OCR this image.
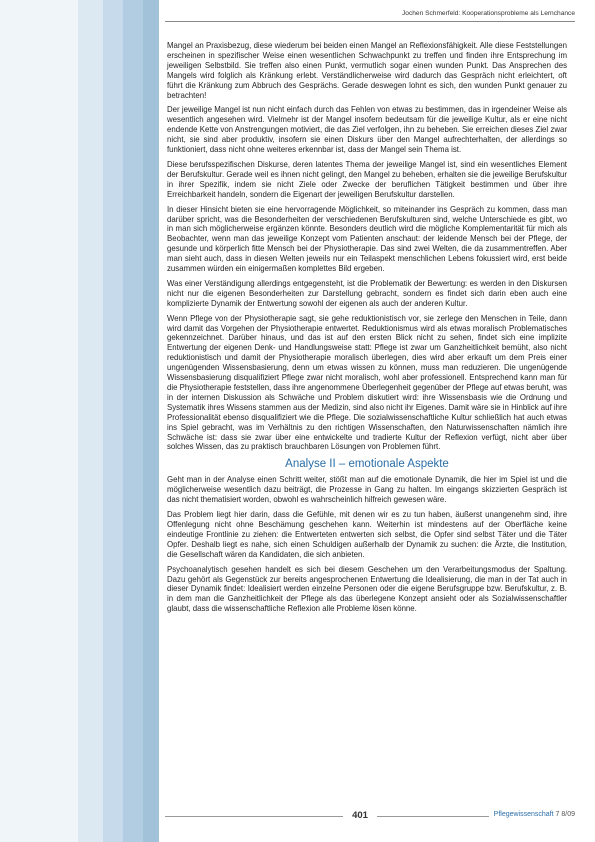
Jochen Schmerfeld: Kooperationsprobleme als Lernchance

Mangel an Praxisbezug, diese wiederum bei beiden einen Mangel an Reflexionsfähigkeit. Alle diese Feststellungen erscheinen in spezifischer Weise einen wesentlichen Schwachpunkt zu treffen und finden ihre Entsprechung im jeweiligen Selbstbild. Sie treffen also einen Punkt, vermutlich sogar einen wunden Punkt. Das Ansprechen des Mangels wird folglich als Kränkung erlebt. Verständlicherweise wird dadurch das Gespräch nicht erleichtert, oft führt die Kränkung zum Abbruch des Gesprächs. Gerade deswegen lohnt es sich, den wunden Punkt genauer zu betrachten!

Der jeweilige Mangel ist nun nicht einfach durch das Fehlen von etwas zu bestimmen, das in irgendeiner Weise als wesentlich angesehen wird. Vielmehr ist der Mangel insofern bedeutsam für die jeweilige Kultur, als er eine nicht endende Kette von Anstrengungen motiviert, die das Ziel verfolgen, ihn zu beheben. Sie erreichen dieses Ziel zwar nicht, sie sind aber produktiv, insofern sie einen Diskurs über den Mangel aufrechterhalten, der allerdings so funktioniert, dass nicht ohne weiteres erkennbar ist, dass der Mangel sein Thema ist.

Diese berufsspezifischen Diskurse, deren latentes Thema der jeweilige Mangel ist, sind ein wesentliches Element der Berufskultur. Gerade weil es ihnen nicht gelingt, den Mangel zu beheben, erhalten sie die jeweilige Berufskultur in ihrer Spezifik, indem sie nicht Ziele oder Zwecke der beruflichen Tätigkeit bestimmen und über ihre Erreichbarkeit handeln, sondern die Eigenart der jeweiligen Berufskultur darstellen.

In dieser Hinsicht bieten sie eine hervorragende Möglichkeit, so miteinander ins Gespräch zu kommen, dass man darüber spricht, was die Besonderheiten der verschiedenen Berufskulturen sind, welche Unterschiede es gibt, wo in man sich möglicherweise ergänzen könnte. Besonders deutlich wird die mögliche Komplementarität für mich als Beobachter, wenn man das jeweilige Konzept vom Patienten anschaut: der leidende Mensch bei der Pflege, der gesunde und körperlich fitte Mensch bei der Physiotherapie. Das sind zwei Welten, die da zusammentreffen. Aber man sieht auch, dass in diesen Welten jeweils nur ein Teilaspekt menschlichen Lebens fokussiert wird, erst beide zusammen würden ein einigermaßen komplettes Bild ergeben.

Was einer Verständigung allerdings entgegensteht, ist die Problematik der Bewertung: es werden in den Diskursen nicht nur die eigenen Besonderheiten zur Darstellung gebracht, sondern es findet sich darin eben auch eine komplizierte Dynamik der Entwertung sowohl der eigenen als auch der anderen Kultur.

Wenn Pflege von der Physiotherapie sagt, sie gehe reduktionistisch vor, sie zerlege den Menschen in Teile, dann wird damit das Vorgehen der Physiotherapie entwertet. Reduktionismus wird als etwas moralisch Problematisches gekennzeichnet. Darüber hinaus, und das ist auf den ersten Blick nicht zu sehen, findet sich eine implizite Entwertung der eigenen Denk- und Handlungsweise statt: Pflege ist zwar um Ganzheitlichkeit bemüht, also nicht reduktionistisch und damit der Physiotherapie moralisch überlegen, dies wird aber erkauft um dem Preis einer ungenügenden Wissensbasierung, denn um etwas wissen zu können, muss man reduzieren. Die ungenügende Wissensbasierung disqualifiziert Pflege zwar nicht moralisch, wohl aber professionell. Entsprechend kann man für die Physiotherapie feststellen, dass ihre angenommene Überlegenheit gegenüber der Pflege auf etwas beruht, was in der internen Diskussion als Schwäche und Problem diskutiert wird: ihre Wissensbasis wie die Ordnung und Systematik ihres Wissens stammen aus der Medizin, sind also nicht ihr Eigenes. Damit wäre sie in Hinblick auf ihre Professionalität ebenso disqualifiziert wie die Pflege. Die sozialwissenschaftliche Kultur schließlich hat auch etwas ins Spiel gebracht, was im Verhältnis zu den richtigen Wissenschaften, den Naturwissenschaften nämlich ihre Schwäche ist: dass sie zwar über eine entwickelte und tradierte Kultur der Reflexion verfügt, nicht aber über solches Wissen, das zu praktisch brauchbaren Lösungen von Problemen führt.

Analyse II – emotionale Aspekte

Geht man in der Analyse einen Schritt weiter, stößt man auf die emotionale Dynamik, die hier im Spiel ist und die möglicherweise wesentlich dazu beiträgt, die Prozesse in Gang zu halten. Im eingangs skizzierten Gespräch ist das nicht thematisiert worden, obwohl es wahrscheinlich hilfreich gewesen wäre.

Das Problem liegt hier darin, dass die Gefühle, mit denen wir es zu tun haben, äußerst unangenehm sind, ihre Offenlegung nicht ohne Beschämung geschehen kann. Weiterhin ist mindestens auf der Oberfläche keine eindeutige Frontlinie zu ziehen: die Entwerteten entwerten sich selbst, die Opfer sind selbst Täter und die Täter Opfer. Deshalb liegt es nahe, sich einen Schuldigen außerhalb der Dynamik zu suchen: die Ärzte, die Institution, die Gesellschaft wären da Kandidaten, die sich anbieten.

Psychoanalytisch gesehen handelt es sich bei diesem Geschehen um den Verarbeitungsmodus der Spaltung. Dazu gehört als Gegenstück zur bereits angesprochenen Entwertung die Idealisierung, die man in der Tat auch in dieser Dynamik findet: Idealisiert werden einzelne Personen oder die eigene Berufsgruppe bzw. Berufskultur, z. B. in dem man die Ganzheitlichkeit der Pflege als das überlegene Konzept ansieht oder als Sozialwissenschaftler glaubt, dass die wissenschaftliche Reflexion alle Probleme lösen könne.

401	Pflegewissenschaft 7 8/09
